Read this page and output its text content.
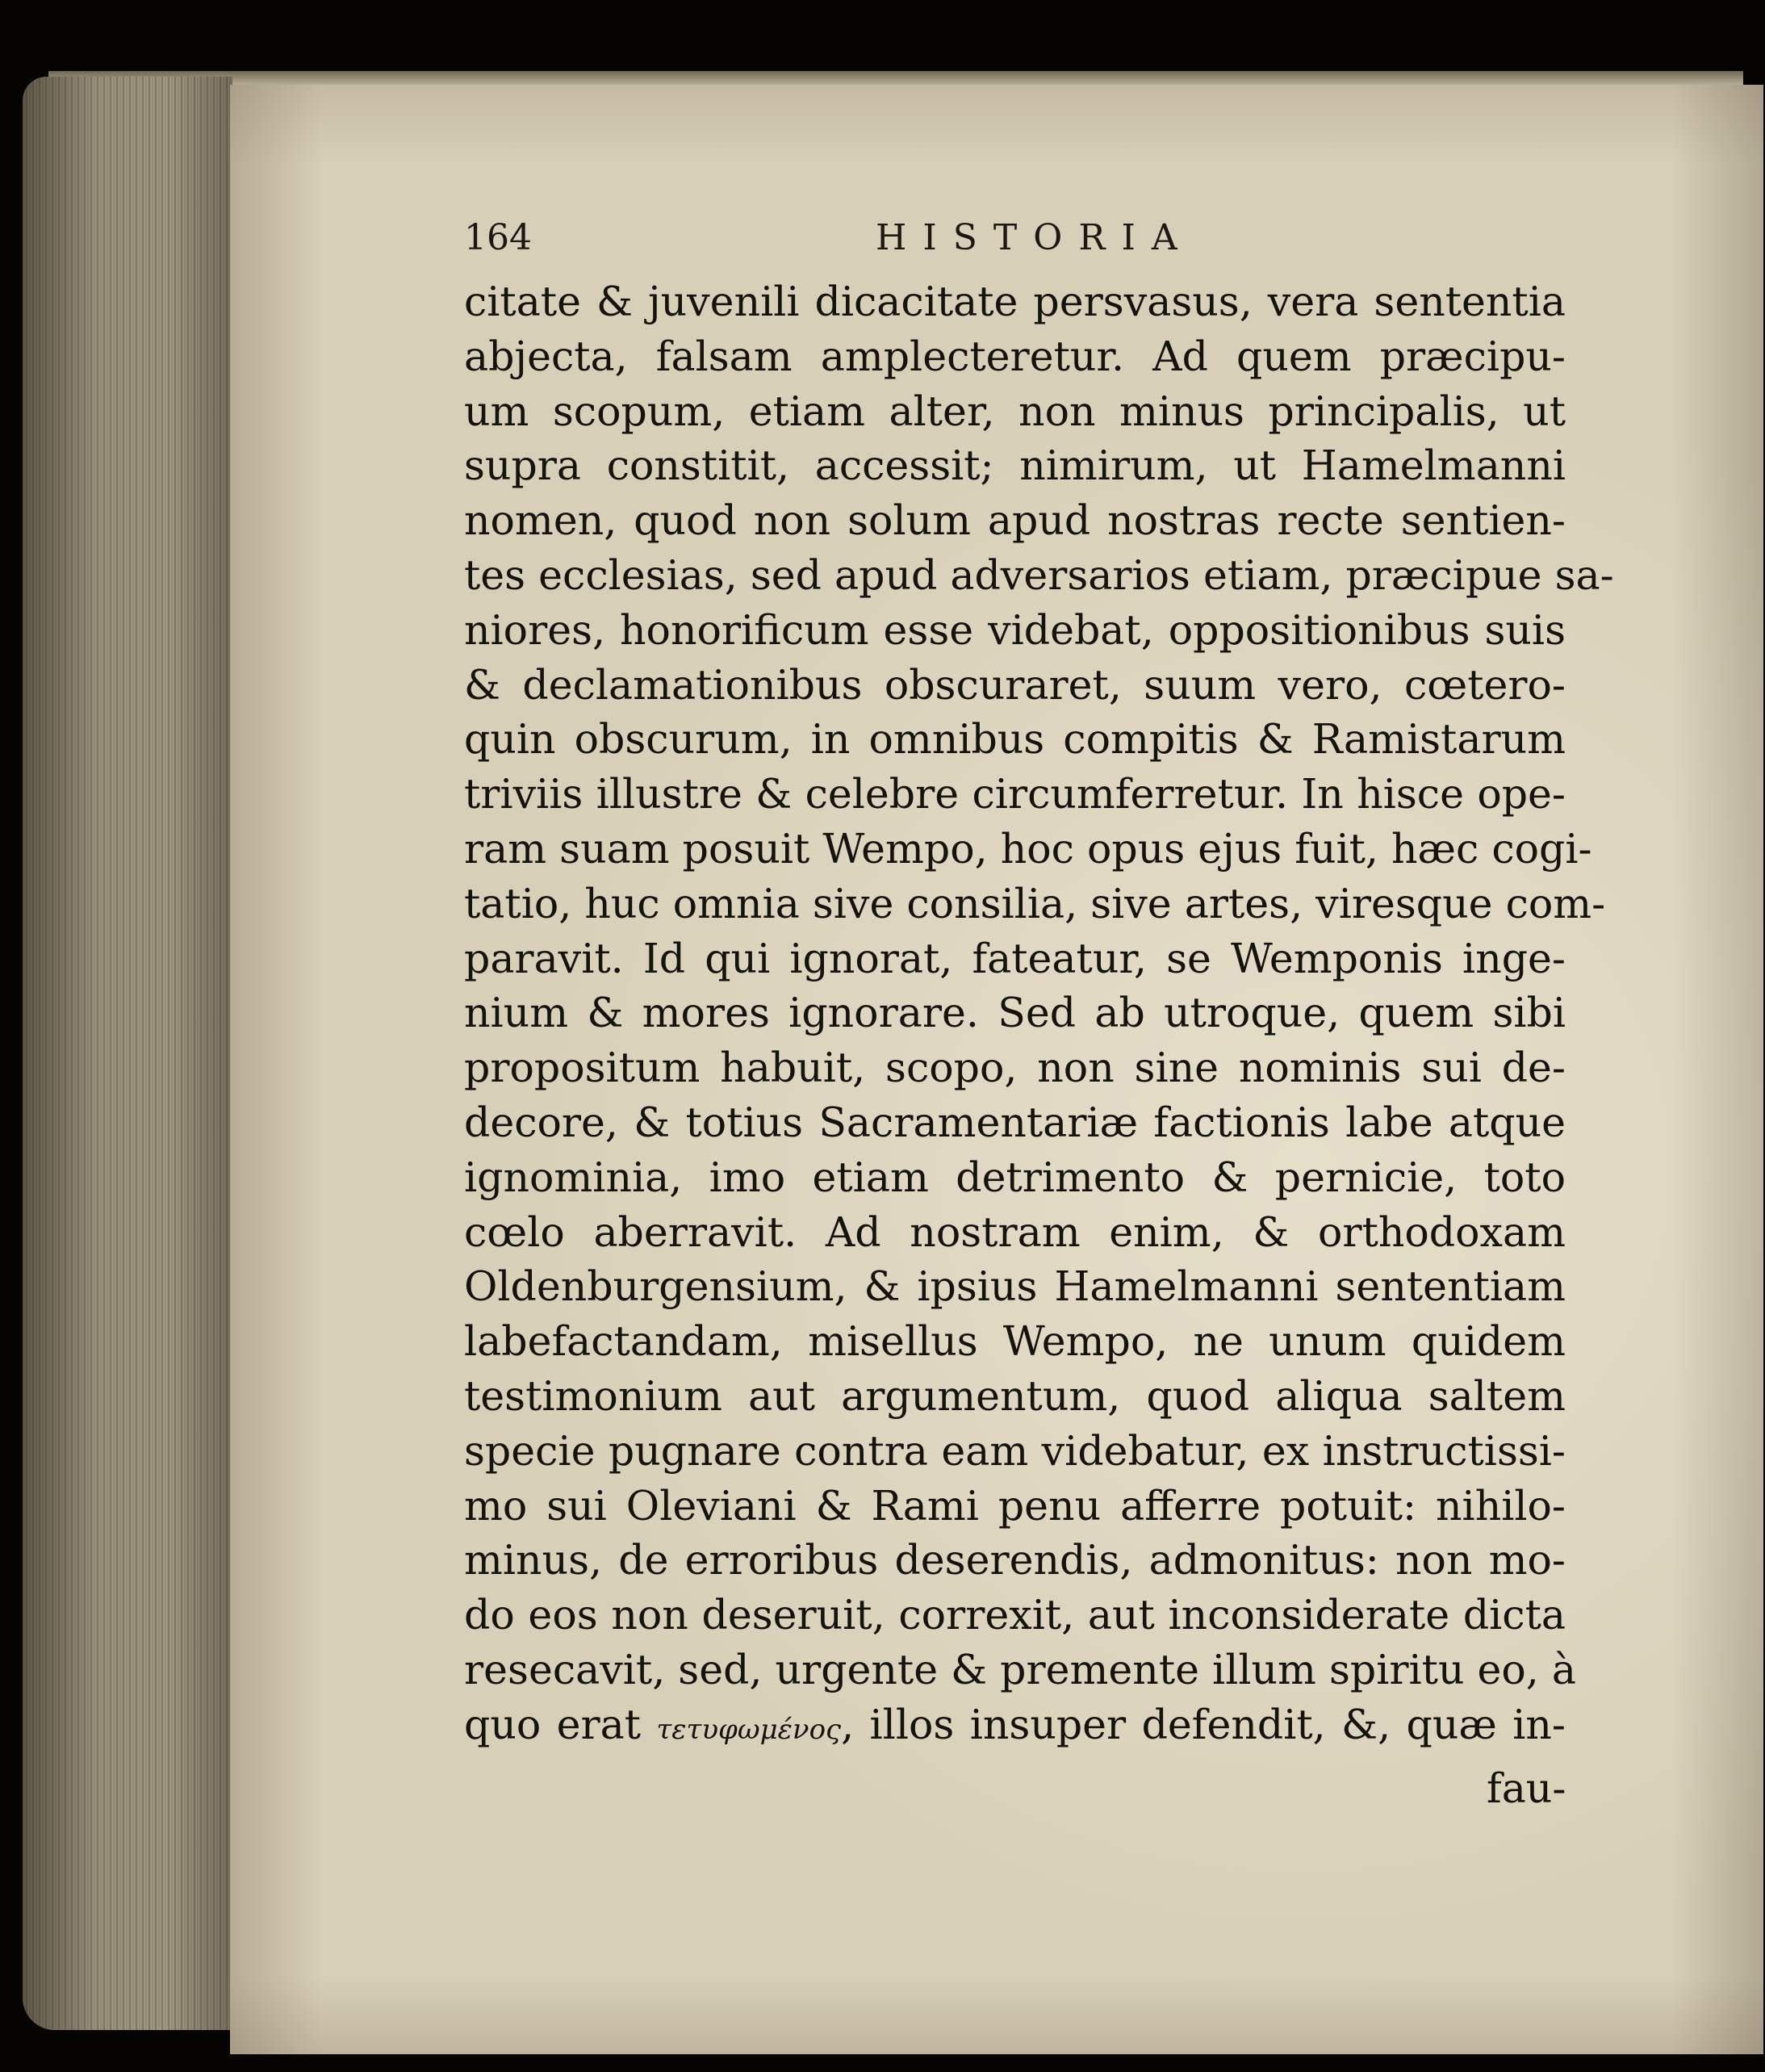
164	HISTORIA
citate & juvenili dicacitate persvasus, vera sententia
abjecta, falsam amplecteretur. Ad quem præcipu-
um scopum, etiam alter, non minus principalis, ut
supra constitit, accessit; nimirum, ut Hamelmanni
nomen, quod non solum apud nostras recte sentien-
tes ecclesias, sed apud adversarios etiam, præcipue sa-
niores, honorificum esse videbat, oppositionibus suis
& declamationibus obscuraret, suum vero, cœtero-
quin obscurum, in omnibus compitis & Ramistarum
triviis illustre & celebre circumferretur. In hisce ope-
ram suam posuit Wempo, hoc opus ejus fuit, hæc cogi-
tatio, huc omnia sive consilia, sive artes, viresque com-
paravit. Id qui ignorat, fateatur, se Wemponis inge-
nium & mores ignorare. Sed ab utroque, quem sibi
propositum habuit, scopo, non sine nominis sui de-
decore, & totius Sacramentariæ factionis labe atque
ignominia, imo etiam detrimento & pernicie, toto
cœlo aberravit. Ad nostram enim, & orthodoxam
Oldenburgensium, & ipsius Hamelmanni sententiam
labefactandam, misellus Wempo, ne unum quidem
testimonium aut argumentum, quod aliqua saltem
specie pugnare contra eam videbatur, ex instructissi-
mo sui Oleviani & Rami penu afferre potuit: nihilo-
minus, de erroribus deserendis, admonitus: non mo-
do eos non deseruit, correxit, aut inconsiderate dicta
resecavit, sed, urgente & premente illum spiritu eo, à
quo erat τετυφωμένος, illos insuper defendit, &, quæ in-
fau-
